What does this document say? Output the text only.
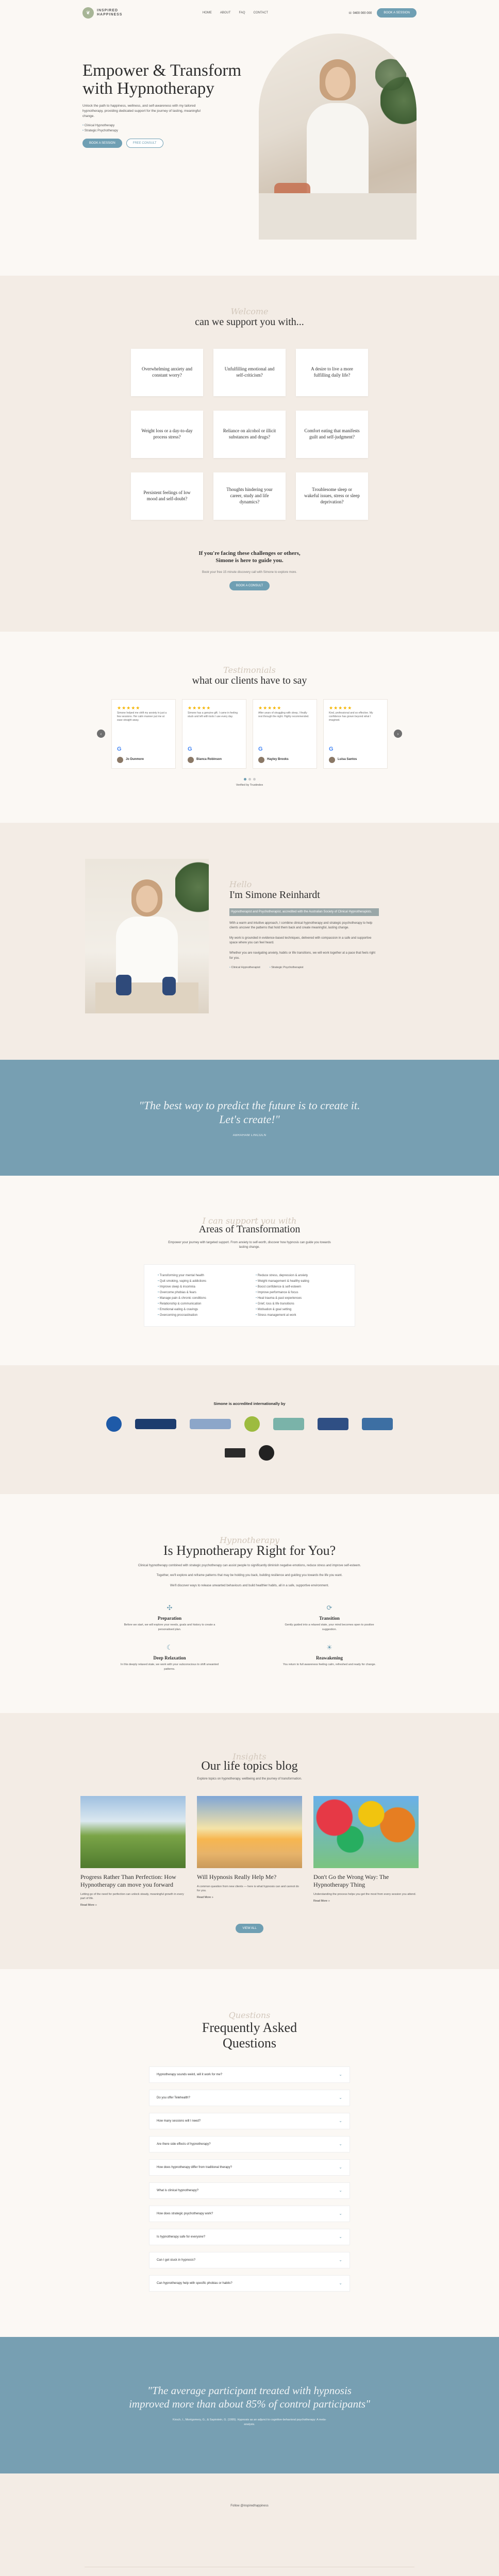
❦	INSPIRED
HAPPINESS	HOME	ABOUT	FAQ	CONTACT	☏ 0400 000 000	BOOK A SESSION
Empower & Transform with Hypnotherapy

Unlock the path to happiness, wellness, and self-awareness with my tailored hypnotherapy, providing dedicated support for the journey of lasting, meaningful change.

• Clinical Hypnotherapy
• Strategic Psychotherapy
BOOK A SESSION	FREE CONSULT
Welcome
can we support you with...
Overwhelming anxiety and constant worry?
Unfulfilling emotional and self-criticism?
A desire to live a more fulfilling daily life?
Weight loss or a day-to-day process stress?
Reliance on alcohol or illicit substances and drugs?
Comfort eating that manifests guilt and self-judgment?
Persistent feelings of low mood and self-doubt?
Thoughts hindering your career, study and life dynamics?
Troublesome sleep or wakeful issues, stress or sleep deprivation?
If you're facing these challenges or others, Simone is here to guide you.
Book your free 15 minute discovery call with Simone to explore more.
BOOK A CONSULT
Testimonials
what our clients have to say
‹
★★★★★
Simone helped me shift my anxiety in just a few sessions. Her calm manner put me at ease straight away.
G
Jo Dunmore
★★★★★
Simone has a genuine gift. I came in feeling stuck and left with tools I use every day.
G
Bianca Robinson
★★★★★
After years of struggling with sleep, I finally rest through the night. Highly recommended.
G
Hayley Brooks
★★★★★
Kind, professional and so effective. My confidence has grown beyond what I imagined.
G
Luisa Santos
›
Verified by Trustindex
Hello
I'm Simone Reinhardt
Hypnotherapist and Psychotherapist, accredited with the Australian Society of Clinical Hypnotherapists.

With a warm and intuitive approach, I combine clinical hypnotherapy and strategic psychotherapy to help clients uncover the patterns that hold them back and create meaningful, lasting change.

My work is grounded in evidence-based techniques, delivered with compassion in a safe and supportive space where you can feel heard.

Whether you are navigating anxiety, habits or life transitions, we will work together at a pace that feels right for you.

• Clinical Hypnotherapist	• Strategic Psychotherapist
"The best way to predict the future is to create it. Let's create!"
ABRAHAM LINCOLN
I can support you with
Areas of Transformation

Empower your journey with targeted support. From anxiety to self-worth, discover how hypnosis can guide you towards lasting change.

• Transforming your mental health	• Reduce stress, depression & anxiety
• Quit smoking, vaping & addictions	• Weight management & healthy eating
• Improve sleep & insomnia	• Boost confidence & self-esteem
• Overcome phobias & fears	• Improve performance & focus
• Manage pain & chronic conditions	• Heal trauma & past experiences
• Relationship & communication	• Grief, loss & life transitions
• Emotional eating & cravings	• Motivation & goal setting
• Overcoming procrastination	• Stress management at work
Simone is accredited internationally by
Hypnotherapy
Is Hypnotherapy Right for You?

Clinical hypnotherapy combined with strategic psychotherapy can assist people to significantly diminish negative emotions, reduce stress and improve self-esteem.

Together, we'll explore and reframe patterns that may be holding you back, building resilience and guiding you towards the life you want.

We'll discover ways to release unwanted behaviours and build healthier habits, all in a safe, supportive environment.

✣
Preparation

Before we start, we will explore your needs, goals and history to create a personalised plan.

⟳
Transition

Gently guided into a relaxed state, your mind becomes open to positive suggestion.

☾
Deep Relaxation

In this deeply relaxed state, we work with your subconscious to shift unwanted patterns.

☀
Reawakening

You return to full awareness feeling calm, refreshed and ready for change.

Insights
Our life topics blog

Explore topics on hypnotherapy, wellbeing and the journey of transformation.

Progress Rather Than Perfection: How Hypnotherapy can move you forward

Letting go of the need for perfection can unlock steady, meaningful growth in every part of life.

Read More »
Will Hypnosis Really Help Me?

A common question from new clients — here is what hypnosis can and cannot do for you.

Read More »
Don't Go the Wrong Way: The Hypnotherapy Thing

Understanding the process helps you get the most from every session you attend.

Read More »
VIEW ALL
Questions
Frequently Asked Questions
Hypnotherapy sounds weird, will it work for me?	⌄
Do you offer Telehealth?	⌄
How many sessions will I need?	⌄
Are there side effects of hypnotherapy?	⌄
How does hypnotherapy differ from traditional therapy?	⌄
What is clinical hypnotherapy?	⌄
How does strategic psychotherapy work?	⌄
Is hypnotherapy safe for everyone?	⌄
Can I get stuck in hypnosis?	⌄
Can hypnotherapy help with specific phobias or habits?	⌄
"The average participant treated with hypnosis improved more than about 85% of control participants"
Kirsch, I., Montgomery, G., & Sapirstein, G. (1995). Hypnosis as an adjunct to cognitive-behavioral psychotherapy: A meta-analysis.
Follow @inspiredhappiness
